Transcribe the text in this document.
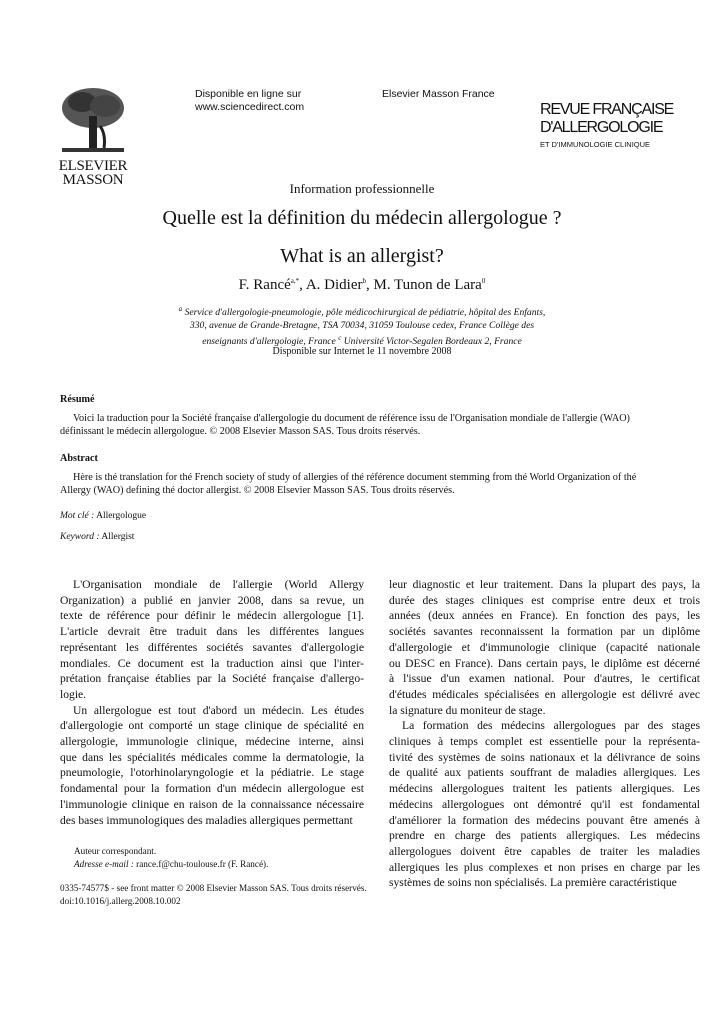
ELSEVIER
MASSON
Disponible en ligne sur
www.sciencedirect.com
Elsevier Masson France
REVUE FRANÇAISE
D'ALLERGOLOGIE
ET D'IMMUNOLOGIE CLINIQUE
Information professionnelle
Quelle est la définition du médecin allergologue ?
What is an allergist?
F. Rancé$^{a,*}$, A. Didier$^b$, M. Tunon de Lara$^0$
$^a$ Service d'allergologie-pneumologie, pôle médicochirurgical de pédiatrie, hôpital des Enfants,
330, avenue de Grande-Bretagne, TSA 70034, 31059 Toulouse cedex, France Collège des
enseignants d'allergologie, France $^c$ Université Victor-Segalen Bordeaux 2, France
Disponible sur Internet le 11 novembre 2008
Résumé
Voici la traduction pour la Société française d'allergologie du document de référence issu de l'Organisation mondiale de l'allergie (WAO)
définissant le médecin allergologue. © 2008 Elsevier Masson SAS. Tous droits réservés.
Abstract
Hère is thé translation for thé French society of study of allergies of thé référence document stemming from thé World Organization of thé
Allergy (WAO) defining thé doctor allergist. © 2008 Elsevier Masson SAS. Tous droits réservés.
Mot clé : Allergologue
Keyword : Allergist
L'Organisation mondiale de l'allergie (World Allergy
Organization) a publié en janvier 2008, dans sa revue, un
texte de référence pour définir le médecin allergologue [1].
L'article devrait être traduit dans les différentes langues
représentant les différentes sociétés savantes d'allergologie
mondiales. Ce document est la traduction ainsi que l'inter-
prétation française établies par la Société française d'allergo-
logie.
Un allergologue est tout d'abord un médecin. Les études
d'allergologie ont comporté un stage clinique de spécialité en
allergologie, immunologie clinique, médecine interne, ainsi
que dans les spécialités médicales comme la dermatologie, la
pneumologie, l'otorhinolaryngologie et la pédiatrie. Le stage
fondamental pour la formation d'un médecin allergologue est
l'immunologie clinique en raison de la connaissance nécessaire
des bases immunologiques des maladies allergiques permettant
leur diagnostic et leur traitement. Dans la plupart des pays, la
durée des stages cliniques est comprise entre deux et trois
années (deux années en France). En fonction des pays, les
sociétés savantes reconnaissent la formation par un diplôme
d'allergologie et d'immunologie clinique (capacité nationale
ou DESC en France). Dans certain pays, le diplôme est décerné
à l'issue d'un examen national. Pour d'autres, le certificat
d'études médicales spécialisées en allergologie est délivré avec
la signature du moniteur de stage.
La formation des médecins allergologues par des stages
cliniques à temps complet est essentielle pour la représenta-
tivité des systèmes de soins nationaux et la délivrance de soins
de qualité aux patients souffrant de maladies allergiques. Les
médecins allergologues traitent les patients allergiques. Les
médecins allergologues ont démontré qu'il est fondamental
d'améliorer la formation des médecins pouvant être amenés à
prendre en charge des patients allergiques. Les médecins
allergologues doivent être capables de traiter les maladies
allergiques les plus complexes et non prises en charge par les
systèmes de soins non spécialisés. La première caractéristique
Auteur correspondant.
Adresse e-mail : rance.f@chu-toulouse.fr (F. Rancé).
0335-74577$ - see front matter © 2008 Elsevier Masson SAS. Tous droits réservés.
doi:10.1016/j.allerg.2008.10.002
